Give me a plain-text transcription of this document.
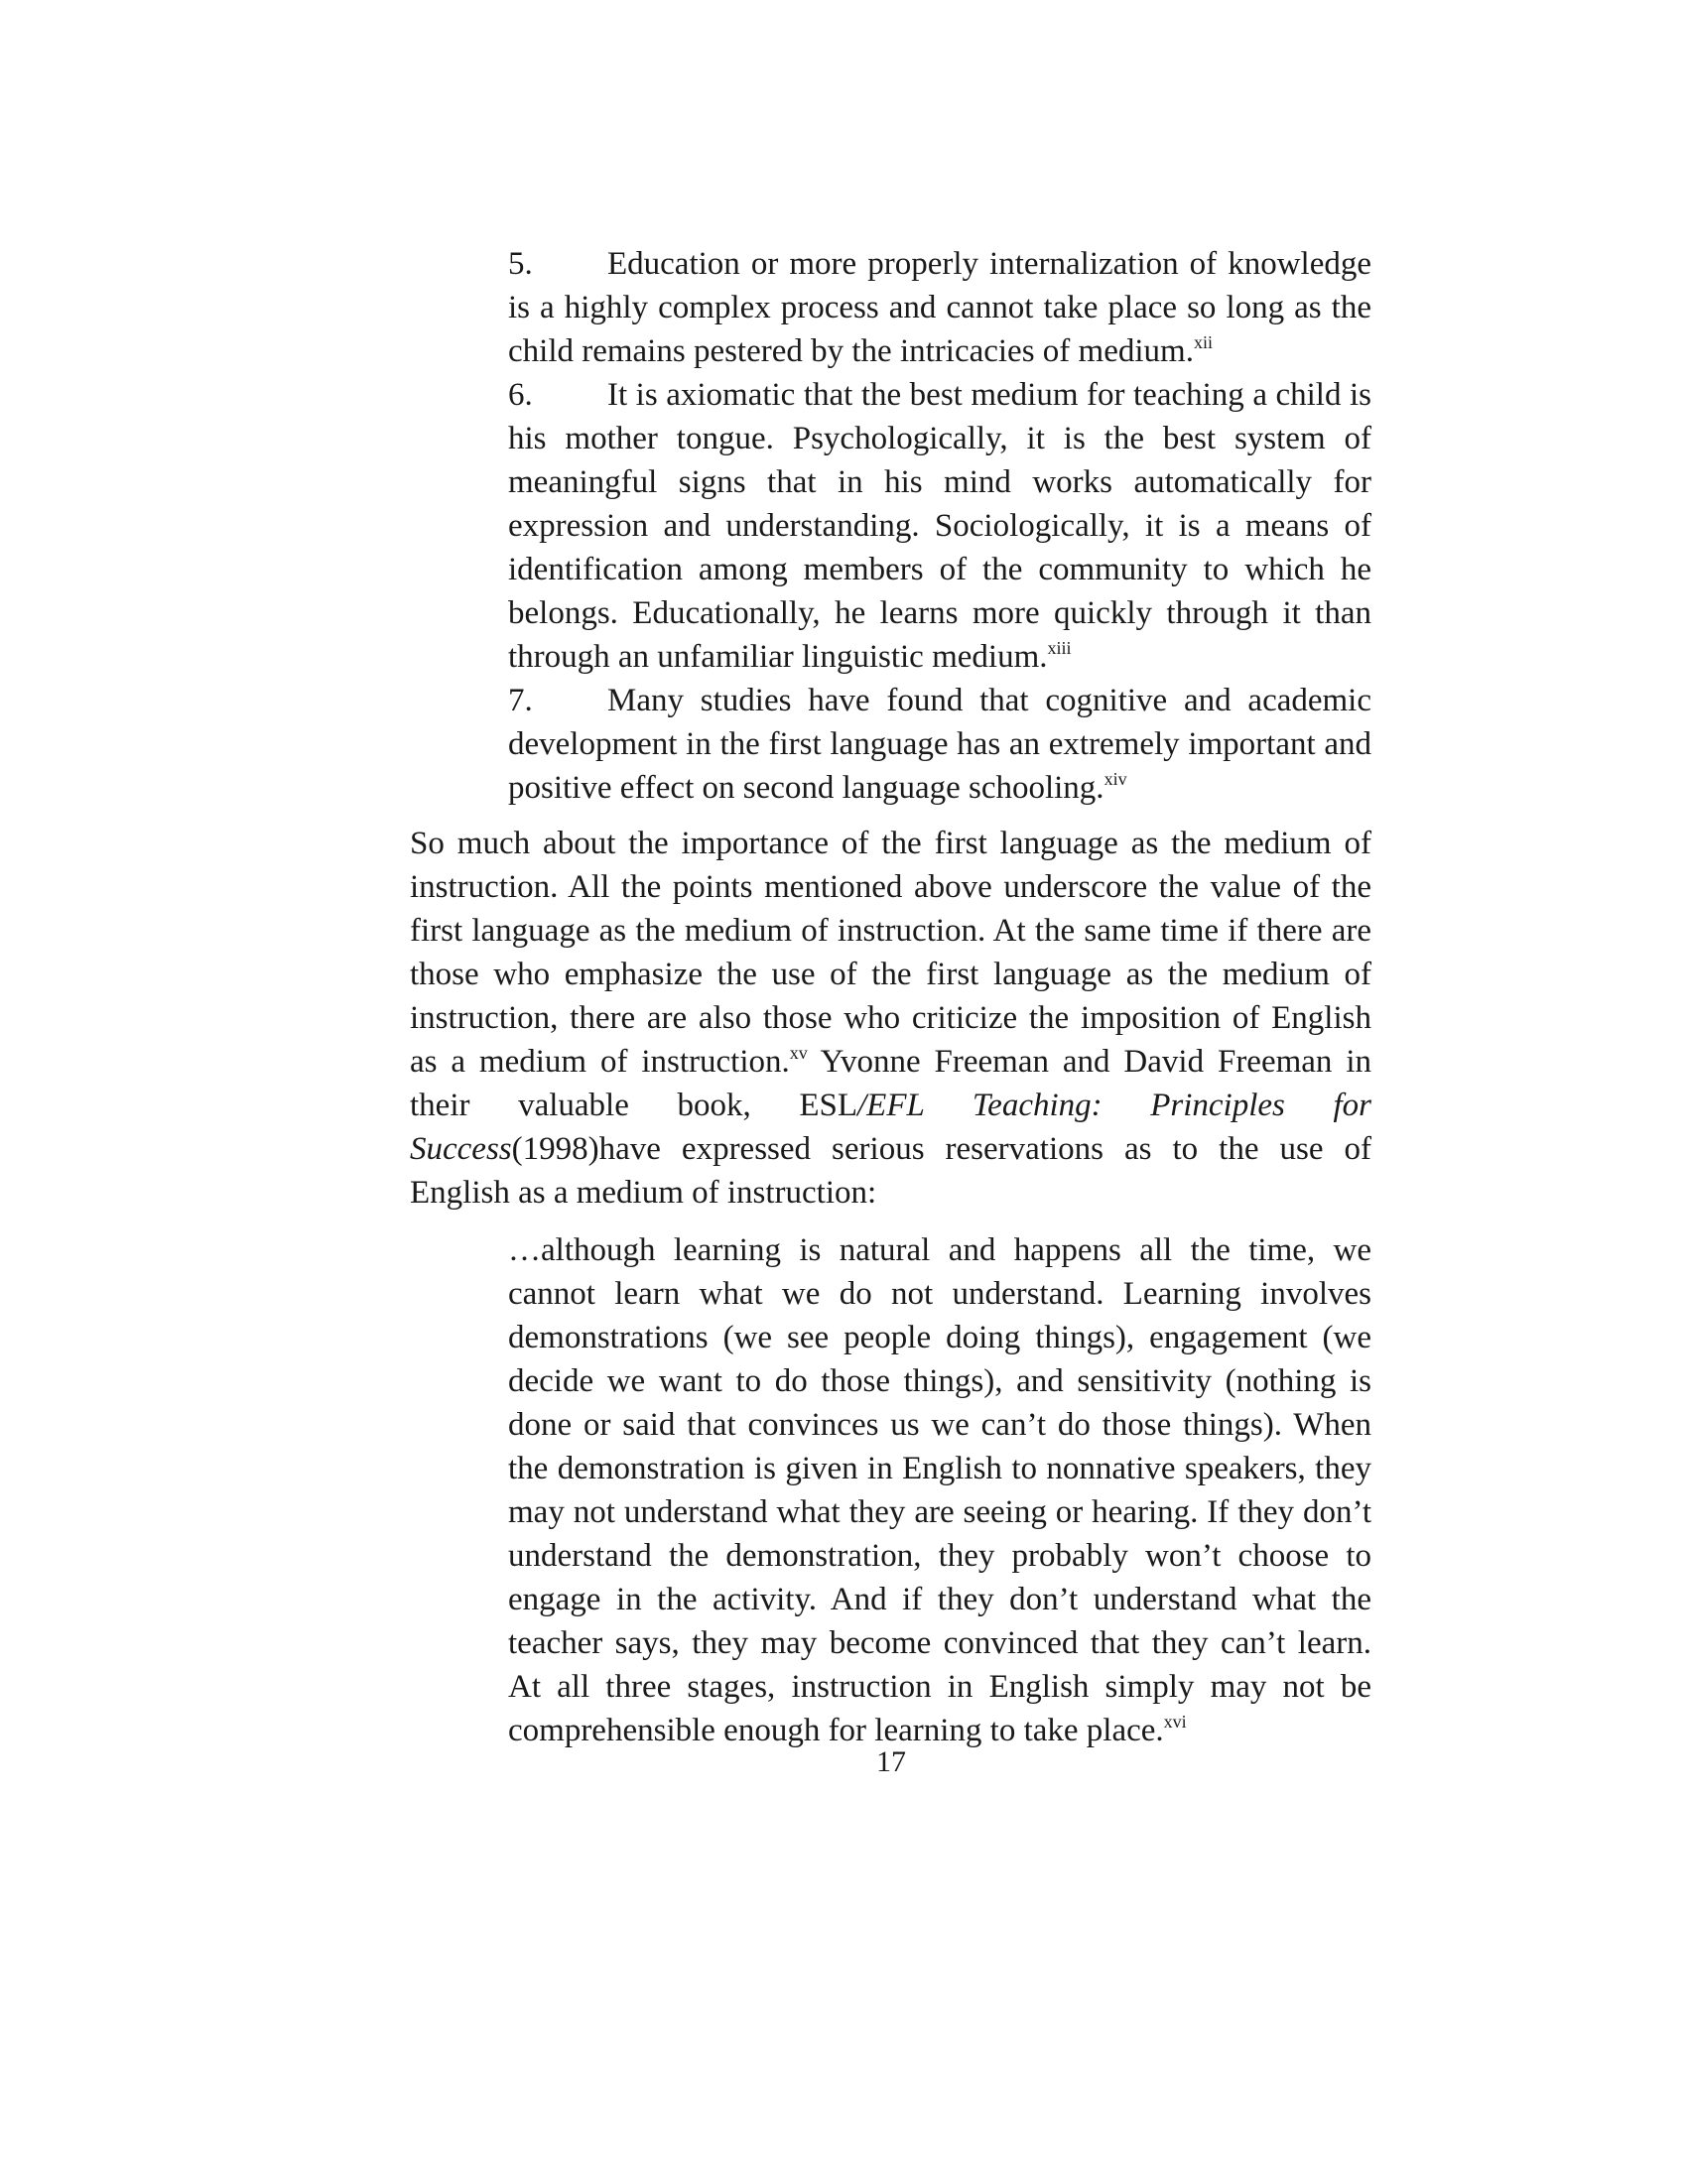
5. Education or more properly internalization of knowledge is a highly complex process and cannot take place so long as the child remains pestered by the intricacies of medium.$^{xii}$

6. It is axiomatic that the best medium for teaching a child is his mother tongue. Psychologically, it is the best system of meaningful signs that in his mind works automatically for expression and understanding. Sociologically, it is a means of identification among members of the community to which he belongs. Educationally, he learns more quickly through it than through an unfamiliar linguistic medium.$^{xiii}$

7. Many studies have found that cognitive and academic development in the first language has an extremely important and positive effect on second language schooling.$^{xiv}$

So much about the importance of the first language as the medium of instruction. All the points mentioned above underscore the value of the first language as the medium of instruction. At the same time if there are those who emphasize the use of the first language as the medium of instruction, there are also those who criticize the imposition of English as a medium of instruction.$^{xv}$ Yvonne Freeman and David Freeman in their valuable book, ESL/EFL Teaching: Principles for Success(1998)have expressed serious reservations as to the use of English as a medium of instruction:

…although learning is natural and happens all the time, we cannot learn what we do not understand. Learning involves demonstrations (we see people doing things), engagement (we decide we want to do those things), and sensitivity (nothing is done or said that convinces us we can’t do those things). When the demonstration is given in English to nonnative speakers, they may not understand what they are seeing or hearing. If they don’t understand the demonstration, they probably won’t choose to engage in the activity. And if they don’t understand what the teacher says, they may become convinced that they can’t learn. At all three stages, instruction in English simply may not be comprehensible enough for learning to take place.$^{xvi}$

17
